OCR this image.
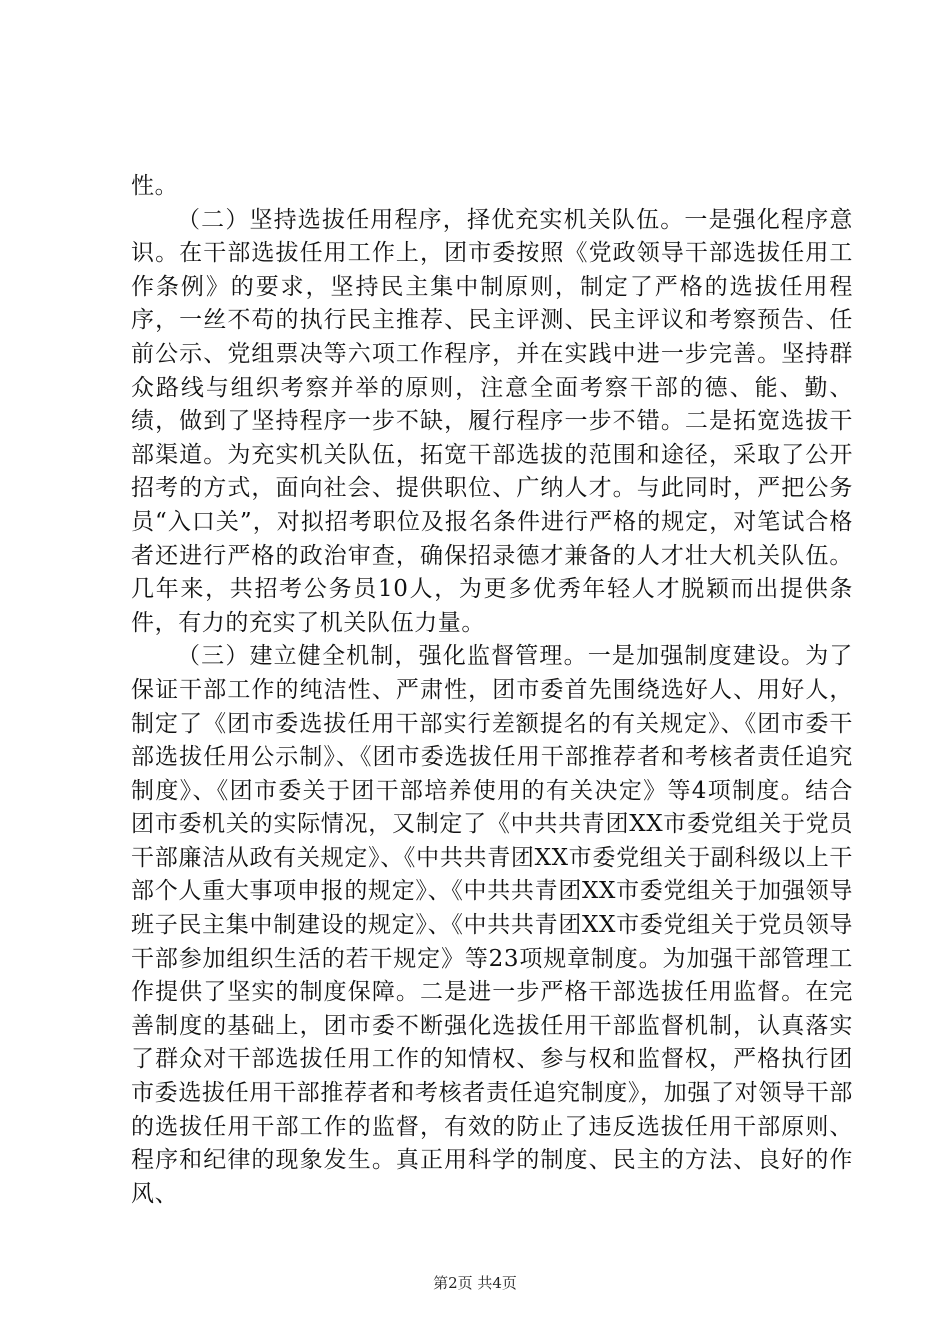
性。

（二）坚持选拔任用程序，择优充实机关队伍。一是强化程序意识。在干部选拔任用工作上，团市委按照《党政领导干部选拔任用工作条例》的要求，坚持民主集中制原则，制定了严格的选拔任用程序，一丝不苟的执行民主推荐、民主评测、民主评议和考察预告、任前公示、党组票决等六项工作程序，并在实践中进一步完善。坚持群众路线与组织考察并举的原则，注意全面考察干部的德、能、勤、绩，做到了坚持程序一步不缺，履行程序一步不错。二是拓宽选拔干部渠道。为充实机关队伍，拓宽干部选拔的范围和途径，采取了公开招考的方式，面向社会、提供职位、广纳人才。与此同时，严把公务员“入口关”，对拟招考职位及报名条件进行严格的规定，对笔试合格者还进行严格的政治审查，确保招录德才兼备的人才壮大机关队伍。几年来，共招考公务员10人，为更多优秀年轻人才脱颖而出提供条件，有力的充实了机关队伍力量。

（三）建立健全机制，强化监督管理。一是加强制度建设。为了保证干部工作的纯洁性、严肃性，团市委首先围绕选好人、用好人，制定了《团市委选拔任用干部实行差额提名的有关规定》、《团市委干部选拔任用公示制》、《团市委选拔任用干部推荐者和考核者责任追究制度》、《团市委关于团干部培养使用的有关决定》等4项制度。结合团市委机关的实际情况，又制定了《中共共青团XX市委党组关于党员干部廉洁从政有关规定》、《中共共青团XX市委党组关于副科级以上干部个人重大事项申报的规定》、《中共共青团XX市委党组关于加强领导班子民主集中制建设的规定》、《中共共青团XX市委党组关于党员领导干部参加组织生活的若干规定》等23项规章制度。为加强干部管理工作提供了坚实的制度保障。二是进一步严格干部选拔任用监督。在完善制度的基础上，团市委不断强化选拔任用干部监督机制，认真落实了群众对干部选拔任用工作的知情权、参与权和监督权，严格执行团市委选拔任用干部推荐者和考核者责任追究制度》，加强了对领导干部的选拔任用干部工作的监督，有效的防止了违反选拔任用干部原则、程序和纪律的现象发生。真正用科学的制度、民主的方法、良好的作风、

第2页 共4页
